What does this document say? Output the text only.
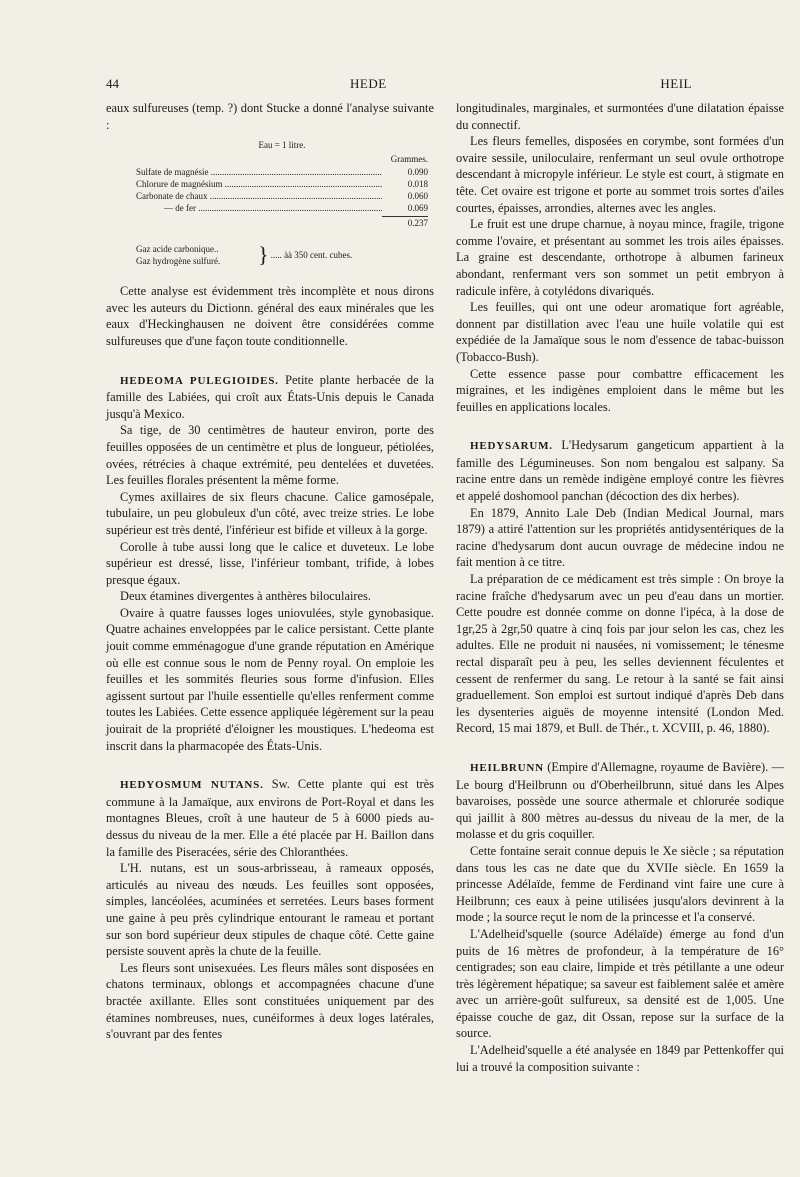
44	HEDE	HEIL

eaux sulfureuses (temp. ?) dont Stucke a donné l'analyse suivante :

Eau = 1 litre.
Grammes.
Sulfate de magnésie .....	0.090
Chlorure de magnésium .....	0.018
Carbonate de chaux .....	0.060
— de fer .....	0.069
0.237
Gaz acide carbonique..
Gaz hydrogène sulfuré.	} ..... àà 350 cent. cubes.

Cette analyse est évidemment très incomplète et nous dirons avec les auteurs du Dictionn. général des eaux minérales que les eaux d'Heckinghausen ne doivent être considérées comme sulfureuses que d'une façon toute conditionnelle.

HEDEOMA PULEGIOIDES. Petite plante herbacée de la famille des Labiées, qui croît aux États-Unis depuis le Canada jusqu'à Mexico.

Sa tige, de 30 centimètres de hauteur environ, porte des feuilles opposées de un centimètre et plus de longueur, pétiolées, ovées, rétrécies à chaque extrémité, peu dentelées et duvetées. Les feuilles florales présentent la même forme.

Cymes axillaires de six fleurs chacune. Calice gamosépale, tubulaire, un peu globuleux d'un côté, avec treize stries. Le lobe supérieur est très denté, l'inférieur est bifide et villeux à la gorge.

Corolle à tube aussi long que le calice et duveteux. Le lobe supérieur est dressé, lisse, l'inférieur tombant, trifide, à lobes presque égaux.

Deux étamines divergentes à anthères biloculaires.

Ovaire à quatre fausses loges uniovulées, style gynobasique. Quatre achaines enveloppées par le calice persistant. Cette plante jouit comme emménagogue d'une grande réputation en Amérique où elle est connue sous le nom de Penny royal. On emploie les feuilles et les sommités fleuries sous forme d'infusion. Elles agissent surtout par l'huile essentielle qu'elles renferment comme toutes les Labiées. Cette essence appliquée légèrement sur la peau jouirait de la propriété d'éloigner les moustiques. L'hedeoma est inscrit dans la pharmacopée des États-Unis.

HEDYOSMUM NUTANS. Sw. Cette plante qui est très commune à la Jamaïque, aux environs de Port-Royal et dans les montagnes Bleues, croît à une hauteur de 5 à 6000 pieds au-dessus du niveau de la mer. Elle a été placée par H. Baillon dans la famille des Piseracées, série des Chloranthées.

L'H. nutans, est un sous-arbrisseau, à rameaux opposés, articulés au niveau des nœuds. Les feuilles sont opposées, simples, lancéolées, acuminées et serretées. Leurs bases forment une gaine à peu près cylindrique entourant le rameau et portant sur son bord supérieur deux stipules de chaque côté. Cette gaine persiste souvent après la chute de la feuille.

Les fleurs sont unisexuées. Les fleurs mâles sont disposées en chatons terminaux, oblongs et accompagnées chacune d'une bractée axillante. Elles sont constituées uniquement par des étamines nombreuses, nues, cunéiformes à deux loges latérales, s'ouvrant par des fentes

longitudinales, marginales, et surmontées d'une dilatation épaisse du connectif.

Les fleurs femelles, disposées en corymbe, sont formées d'un ovaire sessile, uniloculaire, renfermant un seul ovule orthotrope descendant à micropyle inférieur. Le style est court, à stigmate en tête. Cet ovaire est trigone et porte au sommet trois sortes d'ailes courtes, épaisses, arrondies, alternes avec les angles.

Le fruit est une drupe charnue, à noyau mince, fragile, trigone comme l'ovaire, et présentant au sommet les trois ailes épaisses. La graine est descendante, orthotrope à albumen farineux abondant, renfermant vers son sommet un petit embryon à radicule infère, à cotylédons divariqués.

Les feuilles, qui ont une odeur aromatique fort agréable, donnent par distillation avec l'eau une huile volatile qui est expédiée de la Jamaïque sous le nom d'essence de tabac-buisson (Tobacco-Bush).

Cette essence passe pour combattre efficacement les migraines, et les indigènes emploient dans le même but les feuilles en applications locales.

HEDYSARUM. L'Hedysarum gangeticum appartient à la famille des Légumineuses. Son nom bengalou est salpany. Sa racine entre dans un remède indigène employé contre les fièvres et appelé doshomool panchan (décoction des dix herbes).

En 1879, Annito Lale Deb (Indian Medical Journal, mars 1879) a attiré l'attention sur les propriétés antidysentériques de la racine d'hedysarum dont aucun ouvrage de médecine indou ne fait mention à ce titre.

La préparation de ce médicament est très simple : On broye la racine fraîche d'hedysarum avec un peu d'eau dans un mortier. Cette poudre est donnée comme on donne l'ipéca, à la dose de 1gr,25 à 2gr,50 quatre à cinq fois par jour selon les cas, chez les adultes. Elle ne produit ni nausées, ni vomissement; le ténesme rectal disparaît peu à peu, les selles deviennent féculentes et cessent de renfermer du sang. Le retour à la santé se fait ainsi graduellement. Son emploi est surtout indiqué d'après Deb dans les dysenteries aiguës de moyenne intensité (London Med. Record, 15 mai 1879, et Bull. de Thér., t. XCVIII, p. 46, 1880).

HEILBRUNN (Empire d'Allemagne, royaume de Bavière). — Le bourg d'Heilbrunn ou d'Oberheilbrunn, situé dans les Alpes bavaroises, possède une source athermale et chlorurée sodique qui jaillit à 800 mètres au-dessus du niveau de la mer, de la molasse et du gris coquiller.

Cette fontaine serait connue depuis le Xe siècle ; sa réputation dans tous les cas ne date que du XVIIe siècle. En 1659 la princesse Adélaïde, femme de Ferdinand vint faire une cure à Heilbrunn; ces eaux à peine utilisées jusqu'alors devinrent à la mode ; la source reçut le nom de la princesse et l'a conservé.

L'Adelheid'squelle (source Adélaïde) émerge au fond d'un puits de 16 mètres de profondeur, à la température de 16° centigrades; son eau claire, limpide et très pétillante a une odeur très légèrement hépatique; sa saveur est faiblement salée et amère avec un arrière-goût sulfureux, sa densité est de 1,005. Une épaisse couche de gaz, dit Ossan, repose sur la surface de la source.

L'Adelheid'squelle a été analysée en 1849 par Pettenkoffer qui lui a trouvé la composition suivante :
